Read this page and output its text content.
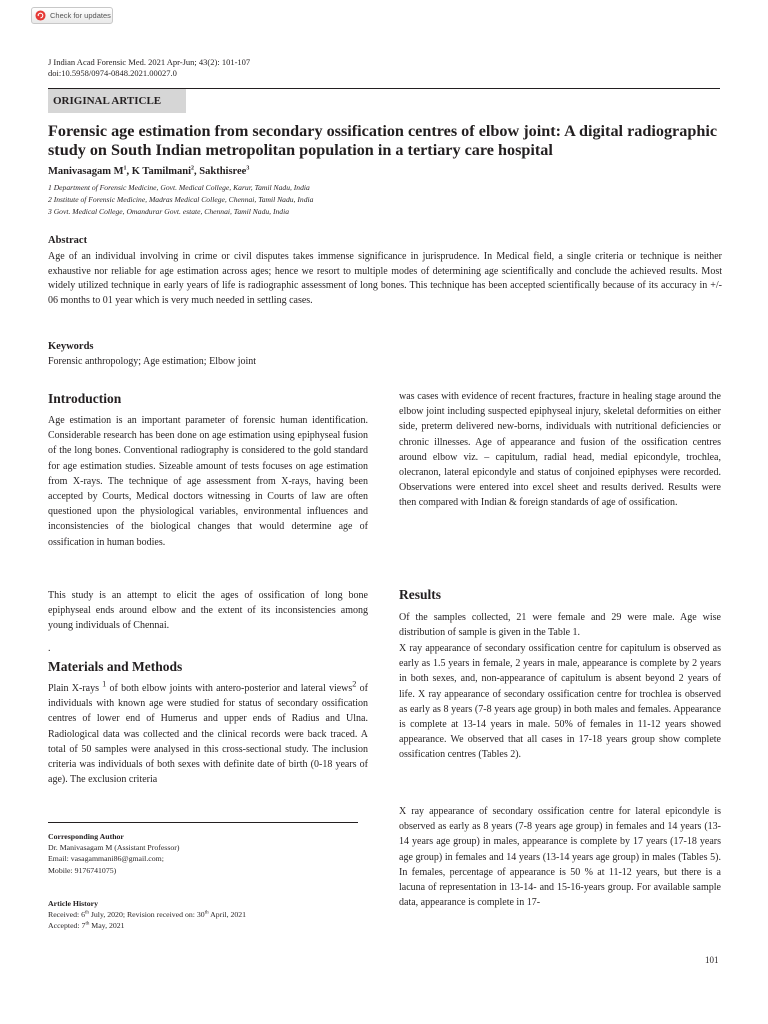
Check for updates
J Indian Acad Forensic Med. 2021 Apr-Jun; 43(2): 101-107
doi:10.5958/0974-0848.2021.00027.0
ORIGINAL ARTICLE
Forensic age estimation from secondary ossification centres of elbow joint: A digital radiographic study on South Indian metropolitan population in a tertiary care hospital
Manivasagam $M^1$, K Tamilmani$^2$, Sakthisree$^3$
1 Department of Forensic Medicine, Govt. Medical College, Karur, Tamil Nadu, India
2 Institute of Forensic Medicine, Madras Medical College, Chennai, Tamil Nadu, India
3 Govt. Medical College, Omandurar Govt. estate, Chennai, Tamil Nadu, India
Abstract

Age of an individual involving in crime or civil disputes takes immense significance in jurisprudence. In Medical field, a single criteria or technique is neither exhaustive nor reliable for age estimation across ages; hence we resort to multiple modes of determining age scientifically and conclude the achieved results. Most widely utilized technique in early years of life is radiographic assessment of long bones. This technique has been accepted scientifically because of its accuracy in +/- 06 months to 01 year which is very much needed in settling cases.

Keywords
Forensic anthropology; Age estimation; Elbow joint
Introduction

Age estimation is an important parameter of forensic human identification. Considerable research has been done on age estimation using epiphyseal fusion of the long bones. Conventional radiography is considered to the gold standard for age estimation studies. Sizeable amount of tests focuses on age estimation from X-rays. The technique of age assessment from X-rays, having been accepted by Courts, Medical doctors witnessing in Courts of law are often questioned upon the physiological variables, environmental influences and inconsistencies of the biological changes that would determine age of ossification in human bodies.

This study is an attempt to elicit the ages of ossification of long bone epiphyseal ends around elbow and the extent of its inconsistencies among young individuals of Chennai.

.
Materials and Methods

Plain X-rays $^1$ of both elbow joints with antero-posterior and lateral views$^2$ of individuals with known age were studied for status of secondary ossification centres of lower end of Humerus and upper ends of Radius and Ulna. Radiological data was collected and the clinical records were back traced. A total of 50 samples were analysed in this cross-sectional study. The inclusion criteria was individuals of both sexes with definite date of birth (0-18 years of age). The exclusion criteria

Corresponding Author
Dr. Manivasagam M (Assistant Professor)
Email: vasagammani86@gmail.com;
Mobile: 9176741075)
Article History
Received: 6th July, 2020; Revision received on: 30th April, 2021
Accepted: 7th May, 2021

was cases with evidence of recent fractures, fracture in healing stage around the elbow joint including suspected epiphyseal injury, skeletal deformities on either side, preterm delivered new-borns, individuals with nutritional deficiencies or chronic illnesses. Age of appearance and fusion of the ossification centres around elbow viz. – capitulum, radial head, medial epicondyle, trochlea, olecranon, lateral epicondyle and status of conjoined epiphyses were recorded. Observations were entered into excel sheet and results derived. Results were then compared with Indian & foreign standards of age of ossification.

Results

Of the samples collected, 21 were female and 29 were male. Age wise distribution of sample is given in the Table 1.

X ray appearance of secondary ossification centre for capitulum is observed as early as 1.5 years in female, 2 years in male, appearance is complete by 2 years in both sexes, and, non-appearance of capitulum is absent beyond 2 years of life. X ray appearance of secondary ossification centre for trochlea is observed as early as 8 years (7-8 years age group) in both males and females. Appearance is complete at 13-14 years in male. 50% of females in 11-12 years showed appearance. We observed that all cases in 17-18 years group show complete ossification centres (Tables 2).

X ray appearance of secondary ossification centre for lateral epicondyle is observed as early as 8 years (7-8 years age group) in females and 14 years (13-14 years age group) in males, appearance is complete by 17 years (17-18 years age group) in females and 14 years (13-14 years age group) in males (Tables 5). In females, percentage of appearance is 50 % at 11-12 years, but there is a lacuna of representation in 13-14- and 15-16-years group. For available sample data, appearance is complete in 17-

101
